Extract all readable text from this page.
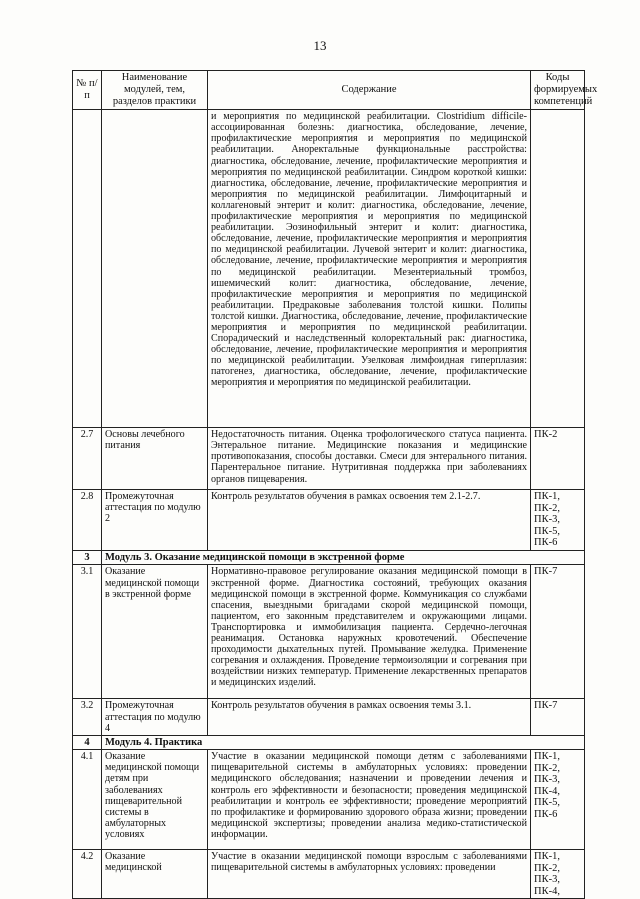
13
№ п/п	Наименование модулей, тем, разделов практики	Содержание	Коды формируемых компетенций
		и мероприятия по медицинской реабилитации. Clostridium difficile-ассоциированная болезнь: диагностика, обследование, лечение, профилактические мероприятия и мероприятия по медицинской реабилитации. Аноректальные функциональные расстройства: диагностика, обследование, лечение, профилактические мероприятия и мероприятия по медицинской реабилитации. Синдром короткой кишки: диагностика, обследование, лечение, профилактические мероприятия и мероприятия по медицинской реабилитации. Лимфоцитарный и коллагеновый энтерит и колит: диагностика, обследование, лечение, профилактические мероприятия и мероприятия по медицинской реабилитации. Эозинофильный энтерит и колит: диагностика, обследование, лечение, профилактические мероприятия и мероприятия по медицинской реабилитации. Лучевой энтерит и колит: диагностика, обследование, лечение, профилактические мероприятия и мероприятия по медицинской реабилитации. Мезентериальный тромбоз, ишемический колит: диагностика, обследование, лечение, профилактические мероприятия и мероприятия по медицинской реабилитации. Предраковые заболевания толстой кишки. Полипы толстой кишки. Диагностика, обследование, лечение, профилактические мероприятия и мероприятия по медицинской реабилитации. Спорадический и наследственный колоректальный рак: диагностика, обследование, лечение, профилактические мероприятия и мероприятия по медицинской реабилитации. Узелковая лимфоидная гиперплазия: патогенез, диагностика, обследование, лечение, профилактические мероприятия и мероприятия по медицинской реабилитации.	
2.7	Основы лечебного питания	Недостаточность питания. Оценка трофологического статуса пациента. Энтеральное питание. Медицинские показания и медицинские противопоказания, способы доставки. Смеси для энтерального питания. Парентеральное питание. Нутритивная поддержка при заболеваниях органов пищеварения.	ПК-2
2.8	Промежуточная аттестация по модулю 2	Контроль результатов обучения в рамках освоения тем 2.1-2.7.	ПК-1, ПК-2, ПК-3, ПК-5, ПК-6
3	Модуль 3. Оказание медицинской помощи в экстренной форме		
3.1	Оказание медицинской помощи в экстренной форме	Нормативно-правовое регулирование оказания медицинской помощи в экстренной форме. Диагностика состояний, требующих оказания медицинской помощи в экстренной форме. Коммуникация со службами спасения, выездными бригадами скорой медицинской помощи, пациентом, его законным представителем и окружающими лицами. Транспортировка и иммобилизация пациента. Сердечно-легочная реанимация. Остановка наружных кровотечений. Обеспечение проходимости дыхательных путей. Промывание желудка. Применение согревания и охлаждения. Проведение термоизоляции и согревания при воздействии низких температур. Применение лекарственных препаратов и медицинских изделий.	ПК-7
3.2	Промежуточная аттестация по модулю 4	Контроль результатов обучения в рамках освоения темы 3.1.	ПК-7
4	Модуль 4. Практика		
4.1	Оказание медицинской помощи детям при заболеваниях пищеварительной системы в амбулаторных условиях	Участие в оказании медицинской помощи детям с заболеваниями пищеварительной системы в амбулаторных условиях: проведении медицинского обследования; назначении и проведении лечения и контроль его эффективности и безопасности; проведения медицинской реабилитации и контроль ее эффективности; проведение мероприятий по профилактике и формированию здорового образа жизни; проведении медицинской экспертизы; проведении анализа медико-статистической информации.	ПК-1, ПК-2, ПК-3, ПК-4, ПК-5, ПК-6
4.2	Оказание медицинской	Участие в оказании медицинской помощи взрослым с заболеваниями пищеварительной системы в амбулаторных условиях: проведении	ПК-1, ПК-2, ПК-3, ПК-4,
